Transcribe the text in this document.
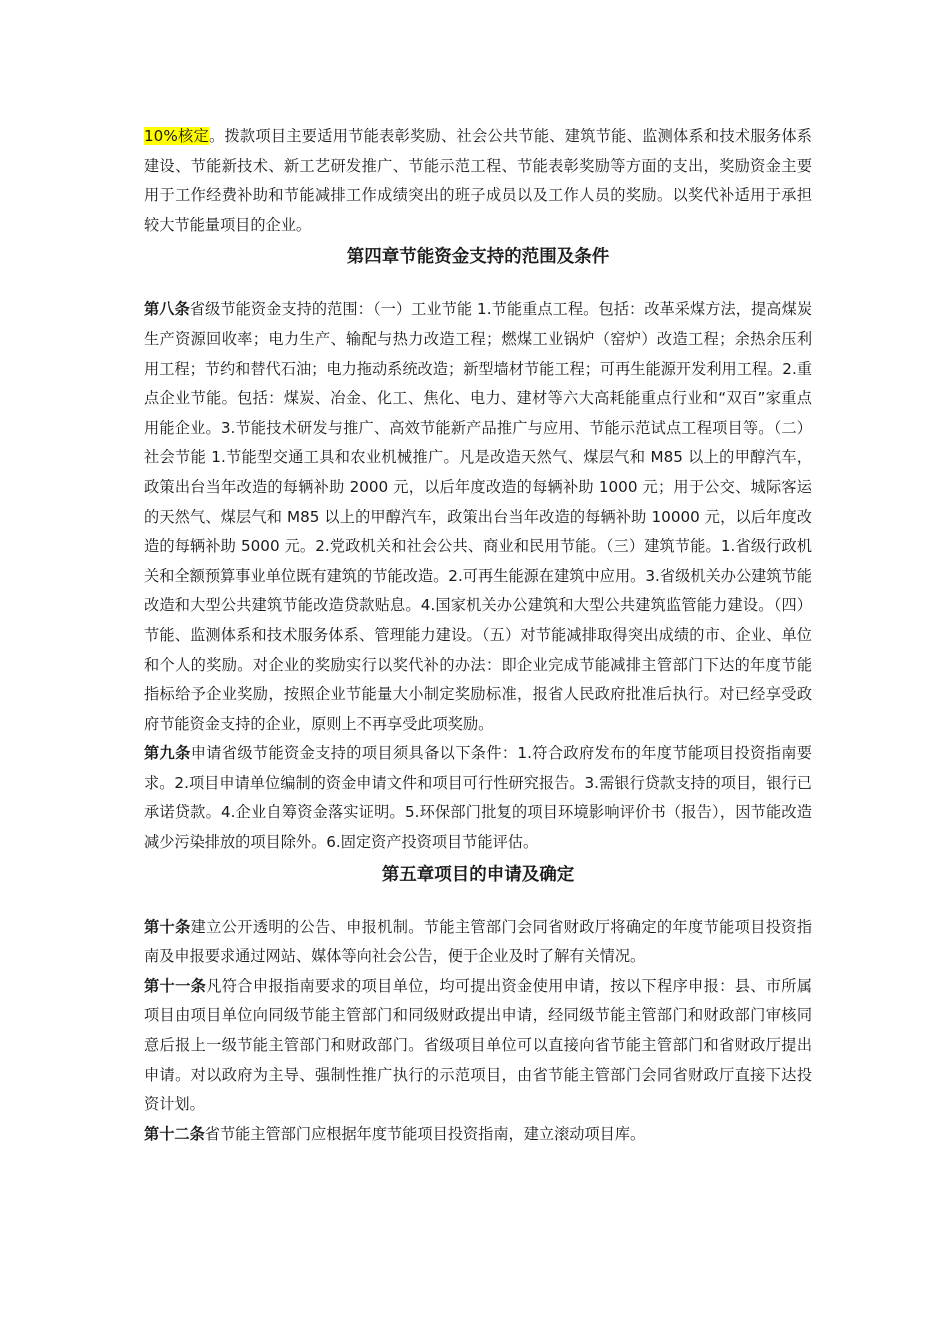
10%核定。拨款项目主要适用节能表彰奖励、社会公共节能、建筑节能、监测体系和技术服务体系建设、节能新技术、新工艺研发推广、节能示范工程、节能表彰奖励等方面的支出，奖励资金主要用于工作经费补助和节能减排工作成绩突出的班子成员以及工作人员的奖励。以奖代补适用于承担较大节能量项目的企业。

第四章节能资金支持的范围及条件

第八条省级节能资金支持的范围：（一）工业节能 1.节能重点工程。包括：改革采煤方法，提高煤炭生产资源回收率；电力生产、输配与热力改造工程；燃煤工业锅炉（窑炉）改造工程；余热余压利用工程；节约和替代石油；电力拖动系统改造；新型墙材节能工程；可再生能源开发利用工程。2.重点企业节能。包括：煤炭、冶金、化工、焦化、电力、建材等六大高耗能重点行业和“双百”家重点用能企业。3.节能技术研发与推广、高效节能新产品推广与应用、节能示范试点工程项目等。（二）社会节能 1.节能型交通工具和农业机械推广。凡是改造天然气、煤层气和 M85 以上的甲醇汽车，政策出台当年改造的每辆补助 2000 元，以后年度改造的每辆补助 1000 元；用于公交、城际客运的天然气、煤层气和 M85 以上的甲醇汽车，政策出台当年改造的每辆补助 10000 元，以后年度改造的每辆补助 5000 元。2.党政机关和社会公共、商业和民用节能。（三）建筑节能。1.省级行政机关和全额预算事业单位既有建筑的节能改造。2.可再生能源在建筑中应用。3.省级机关办公建筑节能改造和大型公共建筑节能改造贷款贴息。4.国家机关办公建筑和大型公共建筑监管能力建设。（四）节能、监测体系和技术服务体系、管理能力建设。（五）对节能减排取得突出成绩的市、企业、单位和个人的奖励。对企业的奖励实行以奖代补的办法：即企业完成节能减排主管部门下达的年度节能指标给予企业奖励，按照企业节能量大小制定奖励标准，报省人民政府批准后执行。对已经享受政府节能资金支持的企业，原则上不再享受此项奖励。

第九条申请省级节能资金支持的项目须具备以下条件：1.符合政府发布的年度节能项目投资指南要求。2.项目申请单位编制的资金申请文件和项目可行性研究报告。3.需银行贷款支持的项目，银行已承诺贷款。4.企业自筹资金落实证明。5.环保部门批复的项目环境影响评价书（报告），因节能改造减少污染排放的项目除外。6.固定资产投资项目节能评估。

第五章项目的申请及确定

第十条建立公开透明的公告、申报机制。节能主管部门会同省财政厅将确定的年度节能项目投资指南及申报要求通过网站、媒体等向社会公告，便于企业及时了解有关情况。

第十一条凡符合申报指南要求的项目单位，均可提出资金使用申请，按以下程序申报：县、市所属项目由项目单位向同级节能主管部门和同级财政提出申请，经同级节能主管部门和财政部门审核同意后报上一级节能主管部门和财政部门。省级项目单位可以直接向省节能主管部门和省财政厅提出申请。对以政府为主导、强制性推广执行的示范项目，由省节能主管部门会同省财政厅直接下达投资计划。

第十二条省节能主管部门应根据年度节能项目投资指南，建立滚动项目库。
